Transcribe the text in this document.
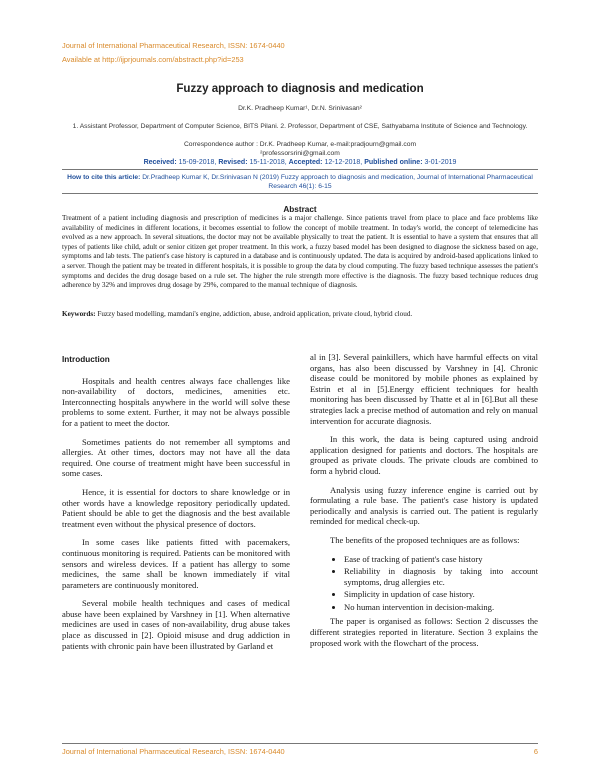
Journal of International Pharmaceutical Research, ISSN: 1674-0440
Available at http://ijprjournals.com/abstractt.php?id=253
Fuzzy approach to diagnosis and medication
Dr.K. Pradheep Kumar¹, Dr.N. Srinivasan²
1. Assistant Professor, Department of Computer Science, BITS Pilani. 2. Professor, Department of CSE, Sathyabama Institute of Science and Technology.
Correspondence author : Dr.K. Pradheep Kumar, e-mail:pradjourn@gmail.com
²professorsrini@gmail.com
Received: 15-09-2018, Revised: 15-11-2018, Accepted: 12-12-2018, Published online: 3-01-2019
How to cite this article: Dr.Pradheep Kumar K, Dr.Srinivasan N (2019) Fuzzy approach to diagnosis and medication, Journal of International Pharmaceutical Research 46(1): 6-15
Abstract
Treatment of a patient including diagnosis and prescription of medicines is a major challenge. Since patients travel from place to place and face problems like availability of medicines in different locations, it becomes essential to follow the concept of mobile treatment. In today's world, the concept of telemedicine has evolved as a new approach. In several situations, the doctor may not be available physically to treat the patient. It is essential to have a system that ensures that all types of patients like child, adult or senior citizen get proper treatment. In this work, a fuzzy based model has been designed to diagnose the sickness based on age, symptoms and lab tests. The patient's case history is captured in a database and is continuously updated. The data is acquired by android-based applications linked to a server. Though the patient may be treated in different hospitals, it is possible to group the data by cloud computing. The fuzzy based technique assesses the patient's symptoms and decides the drug dosage based on a rule set. The higher the rule strength more effective is the diagnosis. The fuzzy based technique reduces drug adherence by 32% and improves drug dosage by 29%, compared to the manual technique of diagnosis.
Keywords: Fuzzy based modelling, mamdani's engine, addiction, abuse, android application, private cloud, hybrid cloud.
Introduction

Hospitals and health centres always face challenges like non-availability of doctors, medicines, amenities etc. Interconnecting hospitals anywhere in the world will solve these problems to some extent. Further, it may not be always possible for a patient to meet the doctor.

Sometimes patients do not remember all symptoms and allergies. At other times, doctors may not have all the data required. One course of treatment might have been successful in some cases.

Hence, it is essential for doctors to share knowledge or in other words have a knowledge repository periodically updated. Patient should be able to get the diagnosis and the best available treatment even without the physical presence of doctors.

In some cases like patients fitted with pacemakers, continuous monitoring is required. Patients can be monitored with sensors and wireless devices. If a patient has allergy to some medicines, the same shall be known immediately if vital parameters are continuously monitored.

Several mobile health techniques and cases of medical abuse have been explained by Varshney in [1]. When alternative medicines are used in cases of non-availability, drug abuse takes place as discussed in [2]. Opioid misuse and drug addiction in patients with chronic pain have been illustrated by Garland et

al in [3]. Several painkillers, which have harmful effects on vital organs, has also been discussed by Varshney in [4]. Chronic disease could be monitored by mobile phones as explained by Estrin et al in [5].Energy efficient techniques for health monitoring has been discussed by Thatte et al in [6].But all these strategies lack a precise method of automation and rely on manual intervention for accurate diagnosis.

In this work, the data is being captured using android application designed for patients and doctors. The hospitals are grouped as private clouds. The private clouds are combined to form a hybrid cloud.

Analysis using fuzzy inference engine is carried out by formulating a rule base. The patient's case history is updated periodically and analysis is carried out. The patient is regularly reminded for medical check-up.

The benefits of the proposed techniques are as follows:

• Ease of tracking of patient's case history
• Reliability in diagnosis by taking into account symptoms, drug allergies etc.
• Simplicity in updation of case history.
• No human intervention in decision-making.

The paper is organised as follows: Section 2 discusses the different strategies reported in literature. Section 3 explains the proposed work with the flowchart of the process.

Journal of International Pharmaceutical Research, ISSN: 1674-0440	6
